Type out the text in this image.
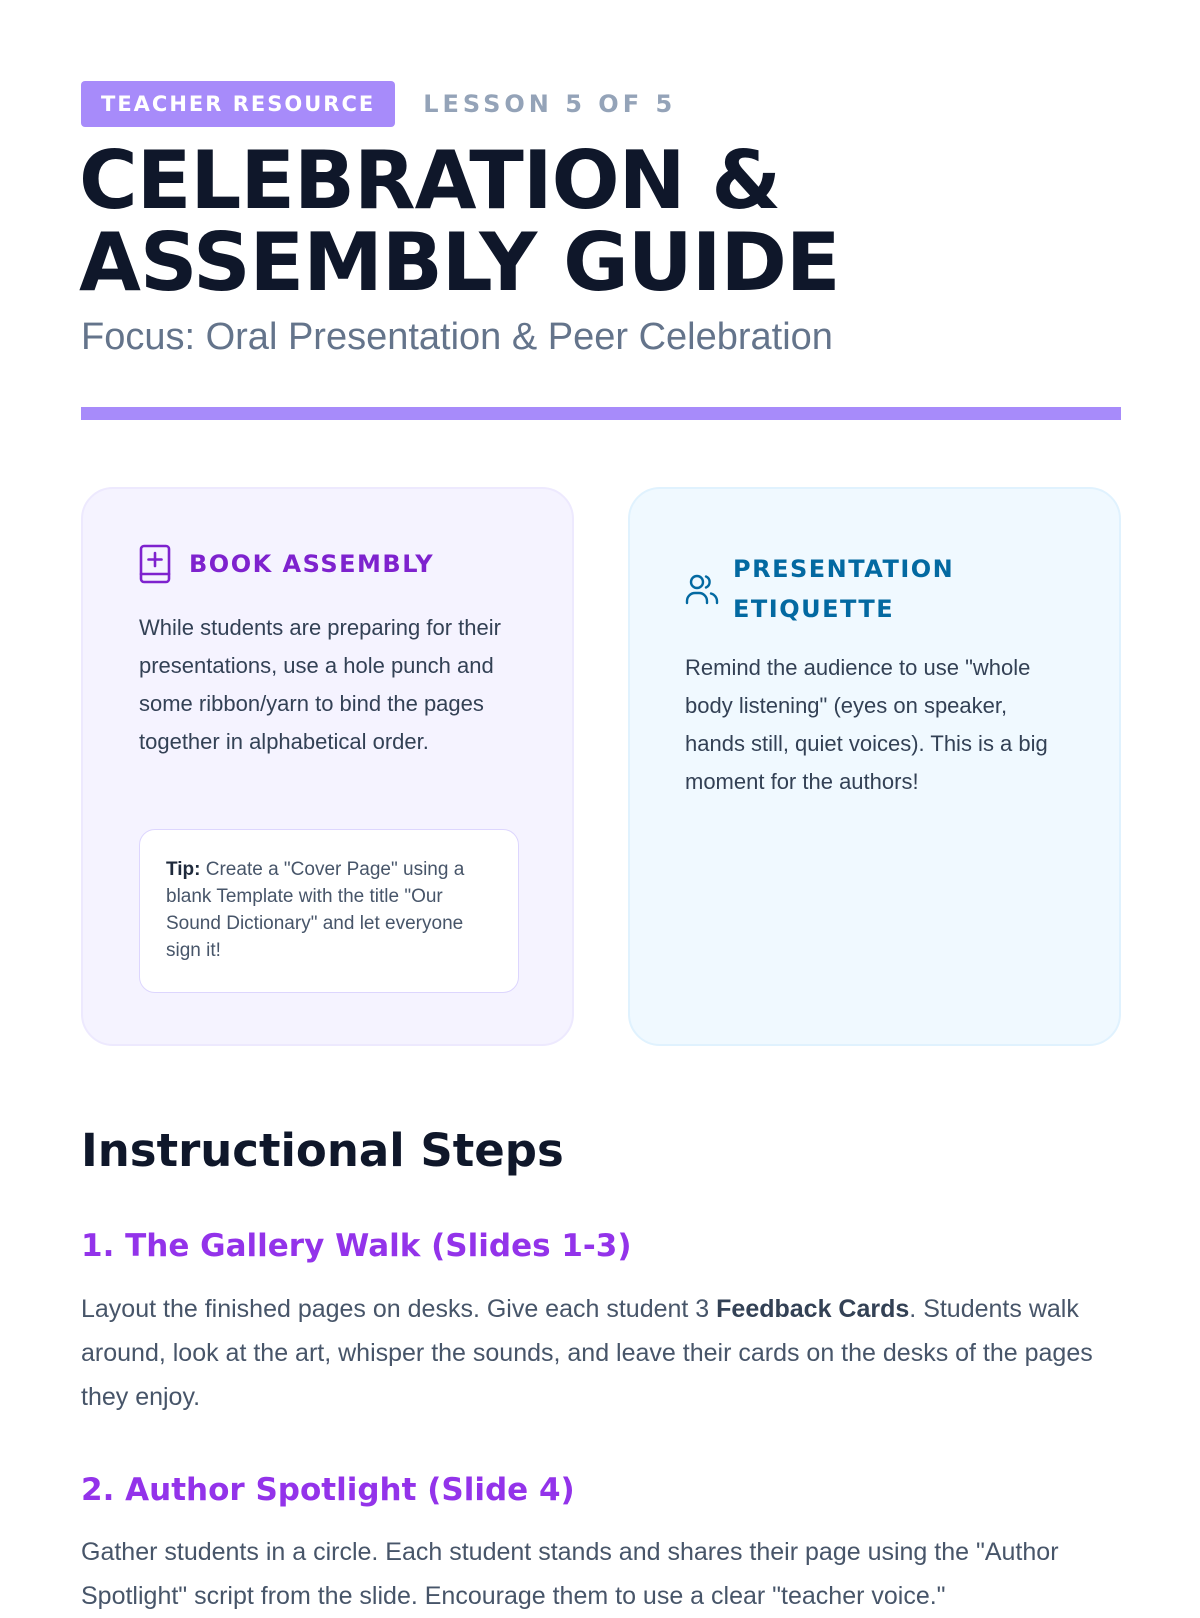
TEACHER RESOURCE	LESSON 5 OF 5
CELEBRATION &
ASSEMBLY GUIDE
Focus: Oral Presentation & Peer Celebration
BOOK ASSEMBLY
While students are preparing for their presentations, use a hole punch and some ribbon/yarn to bind the pages together in alphabetical order.
Tip: Create a "Cover Page" using a blank Template with the title "Our Sound Dictionary" and let everyone sign it!
PRESENTATION ETIQUETTE
Remind the audience to use "whole body listening" (eyes on speaker, hands still, quiet voices). This is a big moment for the authors!
Instructional Steps
1. The Gallery Walk (Slides 1-3)
Layout the finished pages on desks. Give each student 3 Feedback Cards. Students walk around, look at the art, whisper the sounds, and leave their cards on the desks of the pages they enjoy.
2. Author Spotlight (Slide 4)
Gather students in a circle. Each student stands and shares their page using the "Author Spotlight" script from the slide. Encourage them to use a clear "teacher voice."
